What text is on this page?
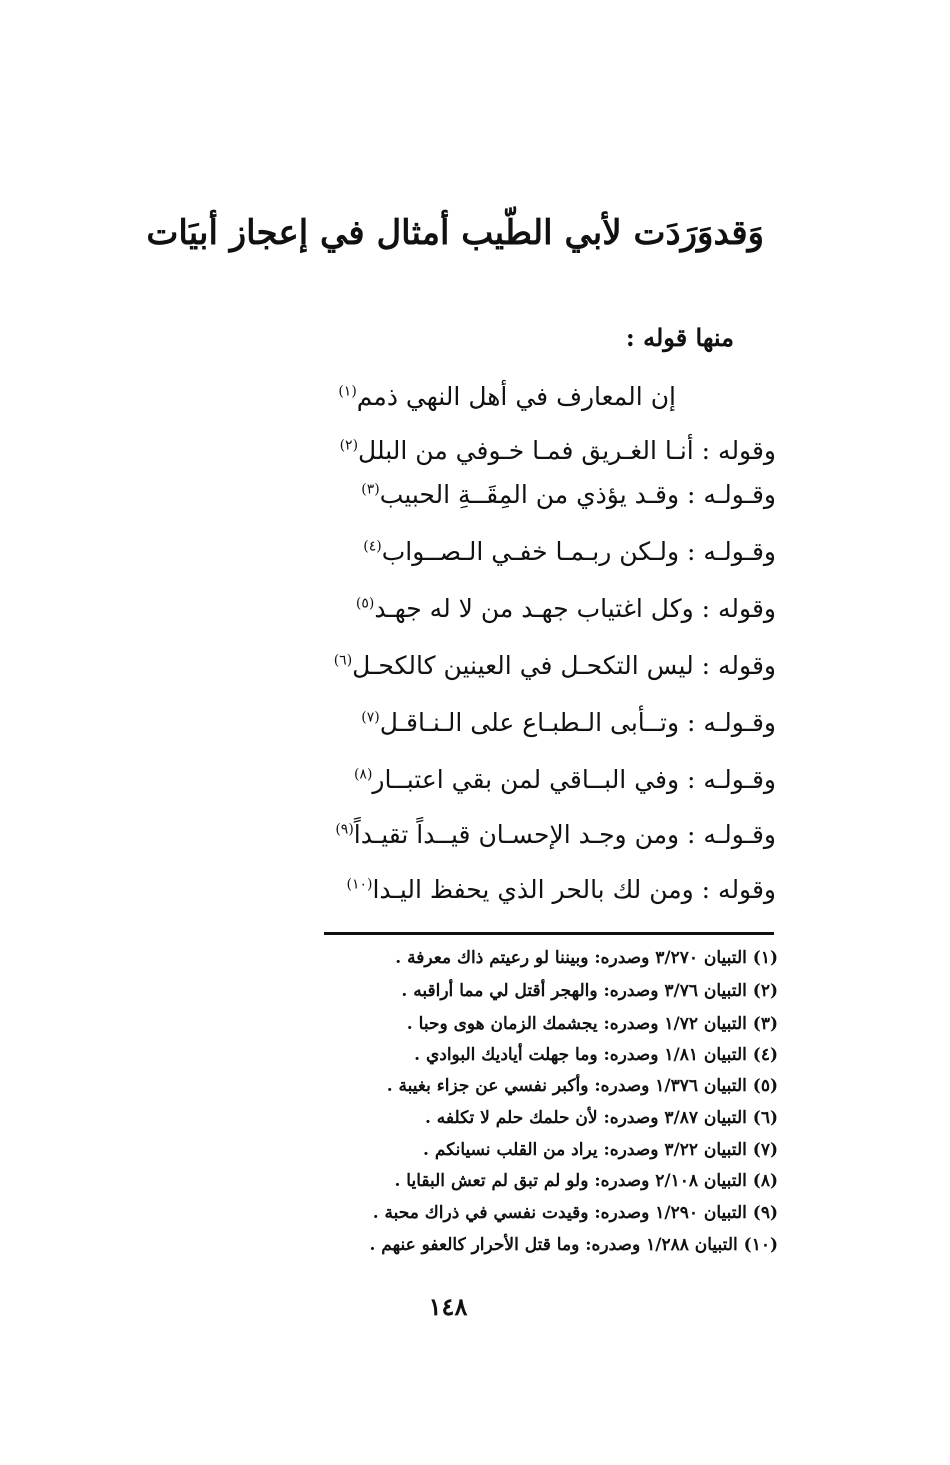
وَقدوَرَدَت لأبي الطّيب أمثال في إعجاز أبيَات
منها قوله :
إن المعارف في أهل النهي ذمم$^{(١)}$
وقوله : أنـا الغـريق فمـا خـوفي من البلل$^{(٢)}$
وقـولـه : وقـد يؤذي من المِقَــةِ الحبيب$^{(٣)}$
وقـولـه : ولـكن ربـمـا خفـي الـصــواب$^{(٤)}$
وقوله : وكل اغتياب جهـد من لا له جهـد$^{(٥)}$
وقوله : ليس التكحـل في العينين كالكحـل$^{(٦)}$
وقـولـه : وتــأبى الـطبـاع على الـنـاقـل$^{(٧)}$
وقـولـه : وفي البــاقي لمن بقي اعتبــار$^{(٨)}$
وقـولـه : ومن وجـد الإحسـان قيــداً تقيـداً$^{(٩)}$
وقوله : ومن لك بالحر الذي يحفظ اليـدا$^{(١٠)}$
(١) التبيان ٣/٢٧٠ وصدره: وبيننا لو رعيتم ذاك معرفة .
(٢) التبيان ٣/٧٦ وصدره: والهجر أقتل لي مما أراقبه .
(٣) التبيان ١/٧٢ وصدره: يجشمك الزمان هوى وحبا .
(٤) التبيان ١/٨١ وصدره: وما جهلت أياديك البوادي .
(٥) التبيان ١/٣٧٦ وصدره: وأكبر نفسي عن جزاء بغيبة .
(٦) التبيان ٣/٨٧ وصدره: لأن حلمك حلم لا تكلفه .
(٧) التبيان ٣/٢٢ وصدره: يراد من القلب نسيانكم .
(٨) التبيان ٢/١٠٨ وصدره: ولو لم تبق لم تعش البقايا .
(٩) التبيان ١/٢٩٠ وصدره: وقيدت نفسي في ذراك محبة .
(١٠) التبيان ١/٢٨٨ وصدره: وما قتل الأحرار كالعفو عنهم .
١٤٨
